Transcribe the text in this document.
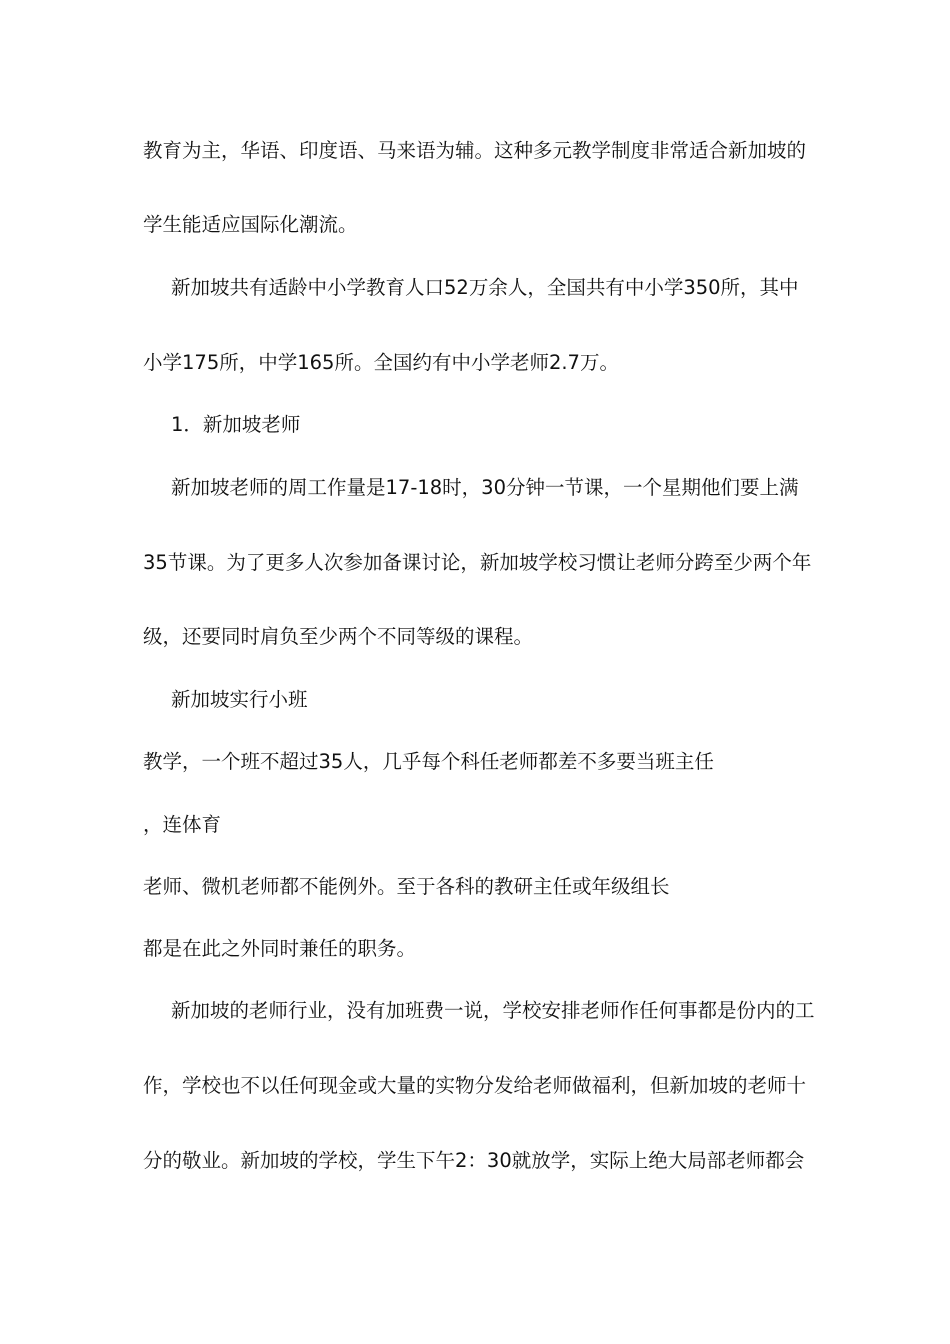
教育为主，华语、印度语、马来语为辅。这种多元教学制度非常适合新加坡的
学生能适应国际化潮流。
新加坡共有适龄中小学教育人口52万余人，全国共有中小学350所，其中
小学175所，中学165所。全国约有中小学老师2.7万。
1．新加坡老师
新加坡老师的周工作量是17-18时，30分钟一节课，一个星期他们要上满
35节课。为了更多人次参加备课讨论，新加坡学校习惯让老师分跨至少两个年
级，还要同时肩负至少两个不同等级的课程。
新加坡实行小班
教学，一个班不超过35人，几乎每个科任老师都差不多要当班主任
，连体育
老师、微机老师都不能例外。至于各科的教研主任或年级组长
都是在此之外同时兼任的职务。
新加坡的老师行业，没有加班费一说，学校安排老师作任何事都是份内的工
作，学校也不以任何现金或大量的实物分发给老师做福利，但新加坡的老师十
分的敬业。新加坡的学校，学生下午2：30就放学，实际上绝大局部老师都会
